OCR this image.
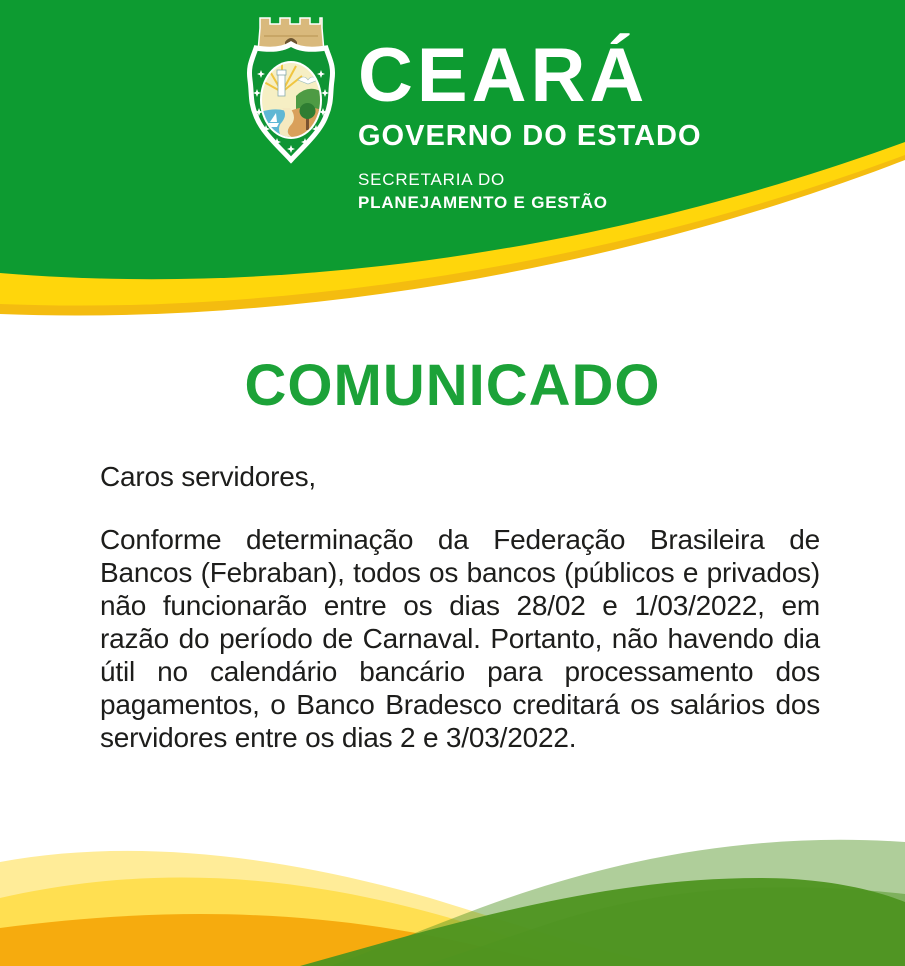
CEARÁ
GOVERNO DO ESTADO
SECRETARIA DO
PLANEJAMENTO E GESTÃO
COMUNICADO

Caros servidores,

Conforme determinação da Federação Brasileira de Bancos (Febraban), todos os bancos (públicos e privados) não funcionarão entre os dias 28/02 e 1/03/2022, em razão do período de Carnaval. Portanto, não havendo dia útil no calendário bancário para processamento dos pagamentos, o Banco Bradesco creditará os salários dos servidores entre os dias 2 e 3/03/2022.
